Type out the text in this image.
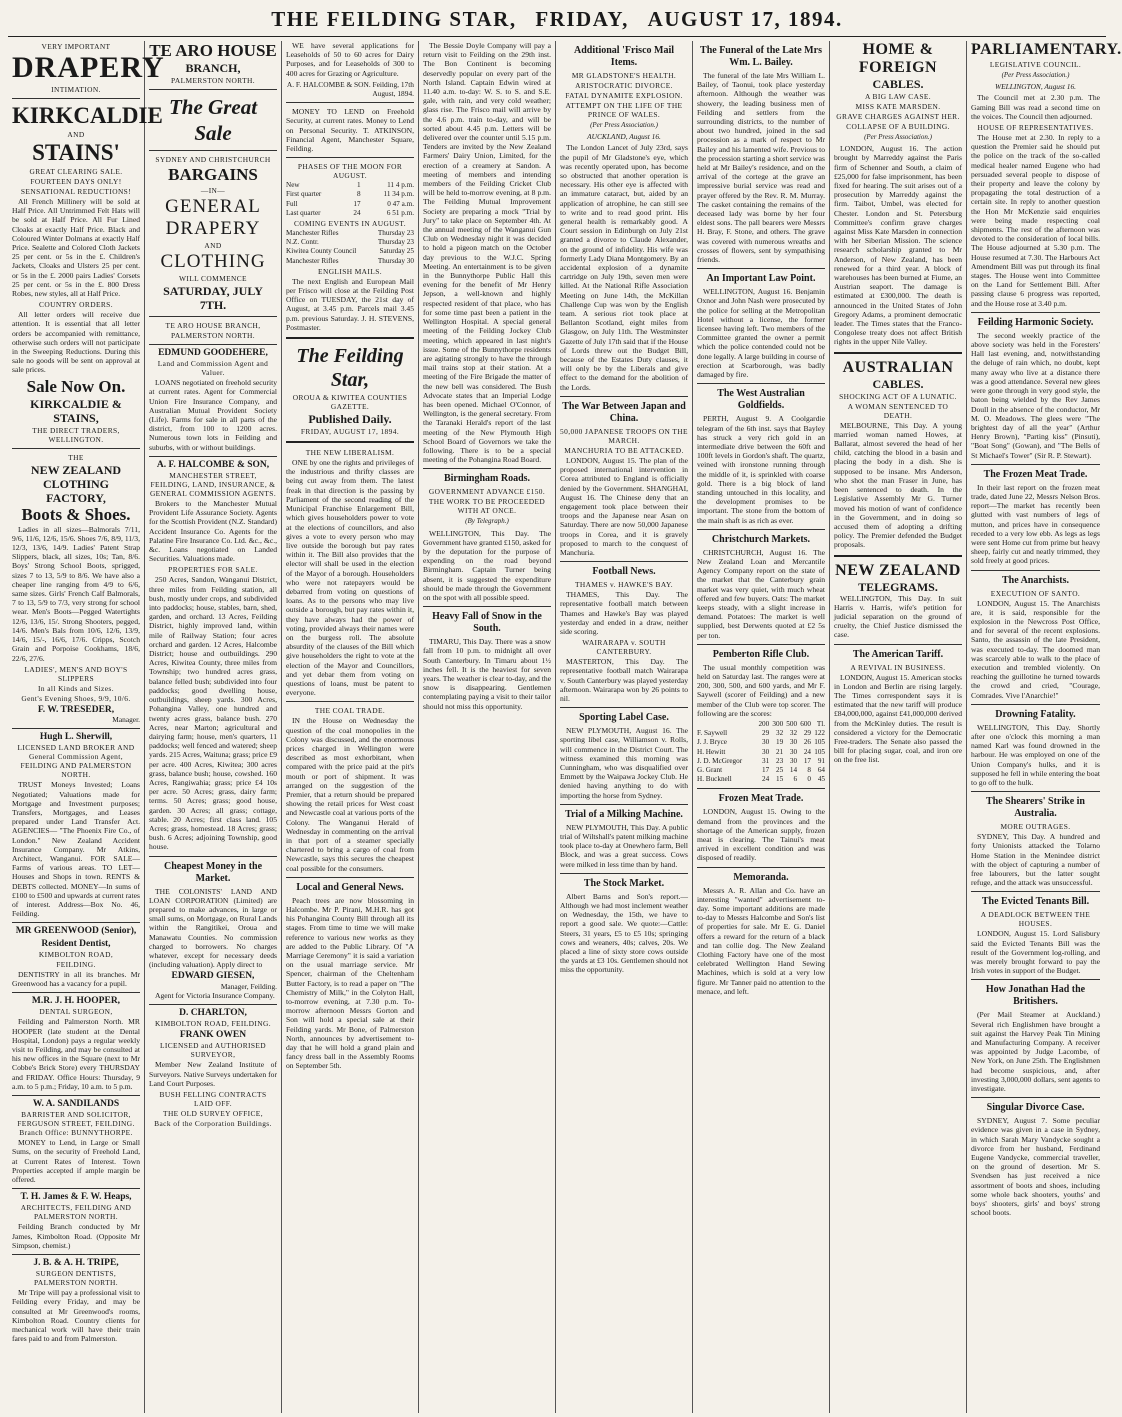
THE FEILDING STAR, FRIDAY, AUGUST 17, 1894.
VERY IMPORTANT
DRAPERY
INTIMATION.
KIRKCALDIE
AND
STAINS'
GREAT CLEARING SALE.
FOURTEEN DAYS ONLY!
SENSATIONAL REDUCTIONS!

All French Millinery will be sold at Half Price. All Untrimmed Felt Hats will be sold at Half Price. All Fur Lined Cloaks at exactly Half Price. Black and Coloured Winter Dolmans at exactly Half Price. Sealette and Colored Cloth Jackets 25 per cent. or 5s in the £. Children's Jackets, Cloaks and Ulsters 25 per cent. or 5s in the £. 2000 pairs Ladies' Corsets 25 per cent. or 5s in the £. 800 Dress Robes, new styles, all at Half Price.

COUNTRY ORDERS.

All letter orders will receive due attention. It is essential that all letter orders be accompanied with remittance, otherwise such orders will not participate in the Sweeping Reductions. During this sale no goods will be sent on approval at sale prices.

Sale Now On.
KIRKCALDIE & STAINS,
THE DIRECT TRADERS, WELLINGTON.
THE
NEW ZEALAND CLOTHING FACTORY,
Boots & Shoes.

Ladies in all sizes—Balmorals 7/11, 9/6, 11/6, 12/6, 15/6. Shoes 7/6, 8/9, 11/3, 12/3, 13/6, 14/9. Ladies' Patent Strap Slippers, black, all sizes, 10s; Tan, 8/6. Boys' Strong School Boots, sprigged, sizes 7 to 13, 5/9 to 8/6. We have also a cheaper line ranging from 4/9 to 6/6, same sizes. Girls' French Calf Balmorals, 7 to 13, 5/9 to 7/3, very strong for school wear. Men's Boots—Pegged Watertights 12/6, 13/6, 15/. Strong Shooters, pegged, 14/6. Men's Bals from 10/6, 12/6, 13/9, 14/6, 15/-, 16/6, 17/6. Cripps, Scotch Grain and Porpoise Cookhams, 18/6, 22/6, 27/6.

LADIES', MEN'S AND BOY'S SLIPPERS
In all Kinds and Sizes.
Gent's Evening Shoes, 9/9, 10/6.
F. W. TRESEDER,
Manager.
Hugh L. Sherwill,
LICENSED LAND BROKER AND General Commission Agent, FEILDING AND PALMERSTON NORTH.

TRUST Moneys Invested; Loans Negotiated; Valuations made for Mortgage and Investment purposes; Transfers, Mortgages, and Leases prepared under Land Transfer Act. AGENCIES— "The Phoenix Fire Co., of London." New Zealand Accident Insurance Company. Mr Atkins, Architect, Wanganui. FOR SALE—Farms of various areas. TO LET—Houses and Shops in town. RENTS & DEBTS collected. MONEY—In sums of £100 to £500 and upwards at current rates of interest. Address—Box No. 46, Feilding.

MR GREENWOOD (Senior),
Resident Dentist,
KIMBOLTON ROAD,
FEILDING.

DENTISTRY in all its branches. Mr Greenwood has a vacancy for a pupil.

M.R. J. H. HOOPER,
DENTAL SURGEON,

Feilding and Palmerston North. MR HOOPER (late student at the Dental Hospital, London) pays a regular weekly visit to Feilding, and may be consulted at his new offices in the Square (next to Mr Cobbe's Brick Store) every THURSDAY and FRIDAY. Office Hours: Thursday, 9 a.m. to 5 p.m.; Friday, 10 a.m. to 5 p.m.

W. A. SANDILANDS
BARRISTER AND SOLICITOR, FERGUSON STREET, FEILDING. Branch Office: BUNNYTHORPE.

MONEY to Lend, in Large or Small Sums, on the security of Freehold Land, at Current Rates of Interest. Town Properties accepted if ample margin be offered.

T. H. James & F. W. Heaps,
ARCHITECTS, FEILDING AND PALMERSTON NORTH.

Feilding Branch conducted by Mr James, Kimbolton Road. (Opposite Mr Simpson, chemist.)

J. B. & A. H. TRIPE,
SURGEON DENTISTS, PALMERSTON NORTH.

Mr Tripe will pay a professional visit to Feilding every Friday, and may be consulted at Mr Greenwood's rooms, Kimbolton Road. Country clients for mechanical work will have their train fares paid to and from Palmerston.

TE ARO HOUSE
BRANCH,
PALMERSTON NORTH.
The Great Sale
SYDNEY AND CHRISTCHURCH
BARGAINS
—IN—
GENERAL
DRAPERY
AND
CLOTHING
WILL COMMENCE
SATURDAY, JULY 7TH.
TE ARO HOUSE BRANCH,
PALMERSTON NORTH.
EDMUND GOODEHERE,
Land and Commission Agent and Valuer.

LOANS negotiated on freehold security at current rates. Agent for Commercial Union Fire Insurance Company, and Australian Mutual Provident Society (Life). Farms for sale in all parts of the district, from 100 to 1200 acres. Numerous town lots in Feilding and suburbs, with or without buildings.

A. F. HALCOMBE & SON,
MANCHESTER STREET, FEILDING, LAND, INSURANCE, & GENERAL COMMISSION AGENTS.

Brokers to the Manchester Mutual Provident Life Assurance Society. Agents for the Scottish Provident (N.Z. Standard) Accident Insurance Co. Agents for the Palatine Fire Insurance Co. Ltd. &c., &c., &c. Loans negotiated on Landed Securities. Valuations made.

PROPERTIES FOR SALE.

250 Acres, Sandon, Wanganui District, three miles from Feilding station, all bush, mostly under crops, and subdivided into paddocks; house, stables, barn, shed, garden, and orchard. 13 Acres, Feilding District, highly improved land, within mile of Railway Station; four acres orchard and garden. 12 Acres, Halcombe District; house and outbuildings. 290 Acres, Kiwitea County, three miles from Township; two hundred acres grass, balance felled bush; subdivided into four paddocks; good dwelling house, outbuildings, sheep yards. 300 Acres, Pohangina Valley, one hundred and twenty acres grass, balance bush. 270 Acres, near Marton; agricultural and dairying farm; house, men's quarters, 11 paddocks; well fenced and watered; sheep yards. 215 Acres, Waituna; grass; price £9 per acre. 400 Acres, Kiwitea; 300 acres grass, balance bush; house, cowshed. 160 Acres, Rangiwahia; grass; price £4 10s per acre. 50 Acres; grass, dairy farm; terms. 50 Acres; grass; good house, garden. 30 Acres; all grass; cottage, stable. 20 Acres; first class land. 105 Acres; grass, homestead. 18 Acres; grass; bush. 6 Acres; adjoining Township, good house.

Cheapest Money in the Market.

THE COLONISTS' LAND AND LOAN CORPORATION (Limited) are prepared to make advances, in large or small sums, on Mortgage, on Rural Lands within the Rangitikei, Oroua and Manawatu Counties. No commission charged to borrowers. No charges whatever, except for necessary deeds (including valuation). Apply direct to

EDWARD GIESEN,
Manager, Feilding.

Agent for Victoria Insurance Company.

D. CHARLTON,
KIMBOLTON ROAD, FEILDING.
FRANK OWEN
LICENSED and AUTHORISED SURVEYOR,

Member New Zealand Institute of Surveyors. Native Surveys undertaken for Land Court Purposes.

BUSH FELLING CONTRACTS LAID OFF.
THE OLD SURVEY OFFICE,
Back of the Corporation Buildings.

WE have several applications for Leaseholds of 50 to 60 acres for Dairy Purposes, and for Leaseholds of 300 to 400 acres for Grazing or Agriculture.

A. F. HALCOMBE & SON. Feilding, 17th August, 1894.

MONEY TO LEND on Freehold Security, at current rates. Money to Lend on Personal Security. T. ATKINSON, Financial Agent, Manchester Square, Feilding.

PHASES OF THE MOON FOR AUGUST.
New	1	11 4 p.m.
First quarter	8	11 34 p.m.
Full	17	0 47 a.m.
Last quarter	24	6 51 p.m.
COMING EVENTS IN AUGUST.
Manchester Rifles	Thursday 23
N.Z. Contr.	Thursday 23
Kiwitea County Council	Saturday 25
Manchester Rifles	Thursday 30
ENGLISH MAILS.

The next English and European Mail per Frisco will close at the Feilding Post Office on TUESDAY, the 21st day of August, at 3.45 p.m. Parcels mail 3.45 p.m. previous Saturday. J. H. STEVENS, Postmaster.

The Feilding Star,
OROUA & KIWITEA COUNTIES GAZETTE.
Published Daily.
FRIDAY, AUGUST 17, 1894.
THE NEW LIBERALISM.

ONE by one the rights and privileges of the industrious and thrifty classes are being cut away from them. The latest freak in that direction is the passing by Parliament of the second reading of the Municipal Franchise Enlargement Bill, which gives householders power to vote at the elections of councillors, and also gives a vote to every person who may live outside the borough but pay rates within it. The Bill also provides that the elector will shall be used in the election of the Mayor of a borough. Householders who were not ratepayers would be debarred from voting on questions of loans. As to the persons who may live outside a borough, but pay rates within it, they have always had the power of voting, provided always their names were on the burgess roll. The absolute absurdity of the clauses of the Bill which give householders the right to vote at the election of the Mayor and Councillors, and yet debar them from voting on questions of loans, must be patent to everyone.

THE COAL TRADE.

IN the House on Wednesday the question of the coal monopolies in the Colony was discussed, and the enormous prices charged in Wellington were described as most exhorbitant, when compared with the price paid at the pit's mouth or port of shipment. It was arranged on the suggestion of the Premier, that a return should be prepared showing the retail prices for West coast and Newcastle coal at various ports of the Colony. The Wanganui Herald of Wednesday in commenting on the arrival in that port of a steamer specially chartered to bring a cargo of coal from Newcastle, says this secures the cheapest coal possible for the consumers.

Local and General News.

Peach trees are now blossoming in Halcombe. Mr P. Pirani, M.H.R. has got his Pohangina County Bill through all its stages. From time to time we will make reference to various new works as they are added to the Public Library. Of "A Marriage Ceremony" it is said a variation on the usual marriage service. Mr Spencer, chairman of the Cheltenham Butter Factory, is to read a paper on "The Chemistry of Milk," in the Colyton Hall, to-morrow evening, at 7.30 p.m. To-morrow afternoon Messrs Gorton and Son will hold a special sale at their Feilding yards. Mr Bone, of Palmerston North, announces by advertisement to-day that he will hold a grand plain and fancy dress ball in the Assembly Rooms on September 5th.

The Bessie Doyle Company will pay a return visit to Feilding on the 29th inst. The Bon Continent is becoming deservedly popular on every part of the North Island. Captain Edwin wired at 11.40 a.m. to-day: W. S. to S. and S.E. gale, with rain, and very cold weather; glass rise. The Frisco mail will arrive by the 4.6 p.m. train to-day, and will be sorted about 4.45 p.m. Letters will be delivered over the counter until 5.15 p.m. Tenders are invited by the New Zealand Farmers' Dairy Union, Limited, for the erection of a creamery at Sandon. A meeting of members and intending members of the Feilding Cricket Club will be held to-morrow evening, at 8 p.m. The Feilding Mutual Improvement Society are preparing a mock "Trial by Jury" to take place on September 4th. At the annual meeting of the Wanganui Gun Club on Wednesday night it was decided to hold a pigeon match on the October day previous to the W.J.C. Spring Meeting. An entertainment is to be given in the Bunnythorpe Public Hall this evening for the benefit of Mr Henry Jepson, a well-known and highly respected resident of that place, who has for some time past been a patient in the Wellington Hospital. A special general meeting of the Feilding Jockey Club meeting, which appeared in last night's issue. Some of the Bunnythorpe residents are agitating strongly to have the through mail trains stop at their station. At a meeting of the Fire Brigade the matter of the new bell was considered. The Bush Advocate states that an Imperial Lodge has been opened. Michael O'Connor, of Wellington, is the general secretary. From the Taranaki Herald's report of the last meeting of the New Plymouth High School Board of Governors we take the following. There is to be a special meeting of the Pohangina Road Board.

Birmingham Roads.
GOVERNMENT ADVANCE £150.
THE WORK TO BE PROCEEDED WITH AT ONCE.
(By Telegraph.)

WELLINGTON, This Day. The Government have granted £150, asked for by the deputation for the purpose of expending on the road beyond Birmingham. Captain Turner being absent, it is suggested the expenditure should be made through the Government on the spot with all possible speed.

Heavy Fall of Snow in the South.

TIMARU, This Day. There was a snow fall from 10 p.m. to midnight all over South Canterbury. In Timaru about 1½ inches fell. It is the heaviest for seven years. The weather is clear to-day, and the snow is disappearing. Gentlemen contemplating paying a visit to their tailor should not miss this opportunity.

Additional 'Frisco Mail Items.
MR GLADSTONE'S HEALTH.
ARISTOCRATIC DIVORCE.
FATAL DYNAMITE EXPLOSION.
ATTEMPT ON THE LIFE OF THE PRINCE OF WALES.
(Per Press Association.)
AUCKLAND, August 16.

The London Lancet of July 23rd, says the pupil of Mr Gladstone's eye, which was recently operated upon, has become so obstructed that another operation is necessary. His other eye is affected with an immature cataract, but, aided by an application of atrophine, he can still see to write and to read good print. His general health is remarkably good. A Court session in Edinburgh on July 21st granted a divorce to Claude Alexander, on the ground of infidelity. His wife was formerly Lady Diana Montgomery. By an accidental explosion of a dynamite cartridge on July 19th, seven men were killed. At the National Rifle Association Meeting on June 14th, the McKillan Challenge Cup was won by the English team. A serious riot took place at Bellanton Scotland, eight miles from Glasgow, on July 11th. The Westminster Gazette of July 17th said that if the House of Lords threw out the Budget Bill, because of the Estates Duty clauses, it will only be by the Liberals and give effect to the demand for the abolition of the Lords.

The War Between Japan and China.
50,000 JAPANESE TROOPS ON THE MARCH.
MANCHURIA TO BE ATTACKED.

LONDON, August 15. The plan of the proposed international intervention in Corea attributed to England is officially denied by the Government. SHANGHAI, August 16. The Chinese deny that an engagement took place between their troops and the Japanese near Asan on Saturday. There are now 50,000 Japanese troops in Corea, and it is gravely proposed to march to the conquest of Manchuria.

Football News.
THAMES v. HAWKE'S BAY.

THAMES, This Day. The representative football match between Thames and Hawke's Bay was played yesterday and ended in a draw, neither side scoring.

WAIRARAPA v. SOUTH CANTERBURY.

MASTERTON, This Day. The representative football match Wairarapa v. South Canterbury was played yesterday afternoon. Wairarapa won by 26 points to nil.

Sporting Label Case.

NEW PLYMOUTH, August 16. The sporting libel case, Williamson v. Rolls, will commence in the District Court. The witness examined this morning was Cunningham, who was disqualified over Emmett by the Waipawa Jockey Club. He denied having anything to do with importing the horse from Sydney.

Trial of a Milking Machine.

NEW PLYMOUTH, This Day. A public trial of Wiltshall's patent milking machine took place to-day at Onewhero farm, Bell Block, and was a great success. Cows were milked in less time than by hand.

The Stock Market.

Albert Barns and Son's report.—Although we had most inclement weather on Wednesday, the 15th, we have to report a good sale. We quote:—Cattle: Steers, 31 years, £5 to £5 10s; springing cows and weaners, 40s; calves, 20s. We placed a line of sixty store cows outside the yards at £3 10s. Gentlemen should not miss the opportunity.

The Funeral of the Late Mrs Wm. L. Bailey.

The funeral of the late Mrs William L. Bailey, of Taonui, took place yesterday afternoon. Although the weather was showery, the leading business men of Feilding and settlers from the surrounding districts, to the number of about two hundred, joined in the sad procession as a mark of respect to Mr Bailey and his lamented wife. Previous to the procession starting a short service was held at Mr Bailey's residence, and on the arrival of the cortege at the grave an impressive burial service was read and prayer offered by the Rev. R. M. Murray. The casket containing the remains of the deceased lady was borne by her four eldest sons. The pall bearers were Messrs H. Bray, F. Stone, and others. The grave was covered with numerous wreaths and crosses of flowers, sent by sympathising friends.

An Important Law Point.

WELLINGTON, August 16. Benjamin Oxnor and John Nash were prosecuted by the police for selling at the Metropolitan Hotel without a license, the former licensee having left. Two members of the Committee granted the owner a permit which the police contended could not be done legally. A large building in course of erection at Scarborough, was badly damaged by fire.

The West Australian Goldfields.

PERTH, August 9. A Coolgardie telegram of the 6th inst. says that Bayley has struck a very rich gold in an intermediate drive between the 60ft and 100ft levels in Gordon's shaft. The quartz, veined with ironstone running through the middle of it, is sprinkled with coarse gold. There is a big block of land standing untouched in this locality, and the development promises to be important. The stone from the bottom of the main shaft is as rich as ever.

Christchurch Markets.

CHRISTCHURCH, August 16. The New Zealand Loan and Mercantile Agency Company report on the state of the market that the Canterbury grain market was very quiet, with much wheat offered and few buyers. Oats: The market keeps steady, with a slight increase in demand. Potatoes: The market is well supplied, best Derwents quoted at £2 5s per ton.

Pemberton Rifle Club.

The usual monthly competition was held on Saturday last. The ranges were at 200, 300, 500, and 600 yards, and Mr F. Saywell (scorer of Feilding) and a new member of the Club were top scorer. The following are the scores:

	200	300	500	600	Tl.
F. Saywell	29	32	32	29	122
J. J. Bryce	30	19	30	26	105
H. Hewitt	30	21	30	24	105
J. D. McGregor	31	23	30	17	91
G. Grant	17	25	14	8	64
H. Bucknell	24	15	6	0	45
Frozen Meat Trade.

LONDON, August 15. Owing to the demand from the provinces and the shortage of the American supply, frozen meat is clearing. The Tainui's meat arrived in excellent condition and was disposed of readily.

Memoranda.

Messrs A. R. Allan and Co. have an interesting "wanted" advertisement to-day. Some important additions are made to-day to Messrs Halcombe and Son's list of properties for sale. Mr E. G. Daniel offers a reward for the return of a black and tan collie dog. The New Zealand Clothing Factory have one of the most celebrated Wellington Hand Sewing Machines, which is sold at a very low figure. Mr Tanner paid no attention to the menace, and left.

HOME & FOREIGN
CABLES.
A BIG LAW CASE.
MISS KATE MARSDEN.
GRAVE CHARGES AGAINST HER.
COLLAPSE OF A BUILDING.
(Per Press Association.)

LONDON, August 16. The action brought by Marreddy against the Paris firm of Schenner and South, a claim of £25,000 for false imprisonment, has been fixed for hearing. The suit arises out of a prosecution by Marreddy against the firm. Taibot, Umbel, was elected for Chester. London and St. Petersburg Committee's confirm grave charges against Miss Kate Marsden in connection with her Siberian Mission. The science research scholarship granted to Mr Anderson, of New Zealand, has been renewed for a third year. A block of warehouses has been burned at Fiume, an Austrian seaport. The damage is estimated at £300,000. The death is announced in the United States of John Gregory Adams, a prominent democratic leader. The Times states that the Franco-Congolese treaty does not affect British rights in the upper Nile Valley.

AUSTRALIAN
CABLES.
SHOCKING ACT OF A LUNATIC.
A WOMAN SENTENCED TO DEATH.

MELBOURNE, This Day. A young married woman named Howes, at Ballarat, almost severed the head of her child, catching the blood in a basin and placing the body in a dish. She is supposed to be insane. Mrs Anderson, who shot the man Fraser in June, has been sentenced to death. In the Legislative Assembly Mr G. Turner moved his motion of want of confidence in the Government, and in doing so accused them of adopting a drifting policy. The Premier defended the Budget proposals.

NEW ZEALAND
TELEGRAMS.

WELLINGTON, This Day. In suit Harris v. Harris, wife's petition for judicial separation on the ground of cruelty, the Chief Justice dismissed the case.

The American Tariff.
A REVIVAL IN BUSINESS.

LONDON, August 15. American stocks in London and Berlin are rising largely. The Times correspondent says it is estimated that the new tariff will produce £84,000,000, against £41,000,000 derived from the McKinley duties. The result is considered a victory for the Democratic Free-traders. The Senate also passed the bill for placing sugar, coal, and iron ore on the free list.

PARLIAMENTARY.
LEGISLATIVE COUNCIL.
(Per Press Association.)
WELLINGTON, August 16.

The Council met at 2.30 p.m. The Gaming Bill was read a second time on the voices. The Council then adjourned.

HOUSE OF REPRESENTATIVES.

The House met at 2.30. In reply to a question the Premier said he should put the police on the track of the so-called medical healer named Eugene who had persuaded several people to dispose of their property and leave the colony by propagating the total destruction of a certain site. In reply to another question the Hon Mr McKenzie said enquiries were being made respecting coal shipments. The rest of the afternoon was devoted to the consideration of local bills. The House adjourned at 5.30 p.m. The House resumed at 7.30. The Harbours Act Amendment Bill was put through its final stages. The House went into Committee on the Land for Settlement Bill. After passing clause 6 progress was reported, and the House rose at 3.40 p.m.

Feilding Harmonic Society.

The second weekly practice of the above society was held in the Foresters' Hall last evening, and, notwithstanding the deluge of rain which, no doubt, kept many away who live at a distance there was a good attendance. Several new glees were gone through in very good style, the baton being wielded by the Rev James Doull in the absence of the conductor, Mr M. O. Meadows. The glees were "The brightest day of all the year" (Arthur Henry Brown), "Parting kiss" (Pinsuti), "Boat Song" (Gowan), and "The Bells of St Michael's Tower" (Sir R. P. Stewart).

The Frozen Meat Trade.

In their last report on the frozen meat trade, dated June 22, Messrs Nelson Bros. report—The market has recently been glutted with vast numbers of legs of mutton, and prices have in consequence receded to a very low ebb. As legs as legs were sent Home cut from prime but heavy sheep, fairly cut and neatly trimmed, they sold freely at good prices.

The Anarchists.
EXECUTION OF SANTO.

LONDON, August 15. The Anarchists are, it is said, responsible for the explosion in the Newcross Post Office, and for several of the recent explosions. Santo, the assassin of the late President, was executed to-day. The doomed man was scarcely able to walk to the place of execution and trembled violently. On reaching the guillotine he turned towards the crowd and cried, "Courage, Comrades. Vive l'Anarchie!"

Drowning Fatality.

WELLINGTON, This Day. Shortly after one o'clock this morning a man named Karl was found drowned in the harbour. He was employed on one of the Union Company's hulks, and it is supposed he fell in while entering the boat to go off to the hulk.

The Shearers' Strike in Australia.
MORE OUTRAGES.

SYDNEY, This Day. A hundred and forty Unionists attacked the Tolarno Home Station in the Menindee district with the object of capturing a number of free labourers, but the latter sought refuge, and the attack was unsuccessful.

The Evicted Tenants Bill.
A DEADLOCK BETWEEN THE HOUSES.

LONDON, August 15. Lord Salisbury said the Evicted Tenants Bill was the result of the Government log-rolling, and was merely brought forward to pay the Irish votes in support of the Budget.

How Jonathan Had the Britishers.

(Per Mail Steamer at Auckland.) Several rich Englishmen have brought a suit against the Harvey Peak Tin Mining and Manufacturing Company. A receiver was appointed by Judge Lacombe, of New York, on June 25th. The Englishmen had become suspicious, and, after investing 3,000,000 dollars, sent agents to investigate.

Singular Divorce Case.

SYDNEY, August 7. Some peculiar evidence was given in a case in Sydney, in which Sarah Mary Vandycke sought a divorce from her husband, Ferdinand Eugene Vandycke, commercial traveller, on the ground of desertion. Mr S. Svendsen has just received a nice assortment of boots and shoes, including some whole back shooters, youths' and boys' shooters, girls' and boys' strong school boots.
